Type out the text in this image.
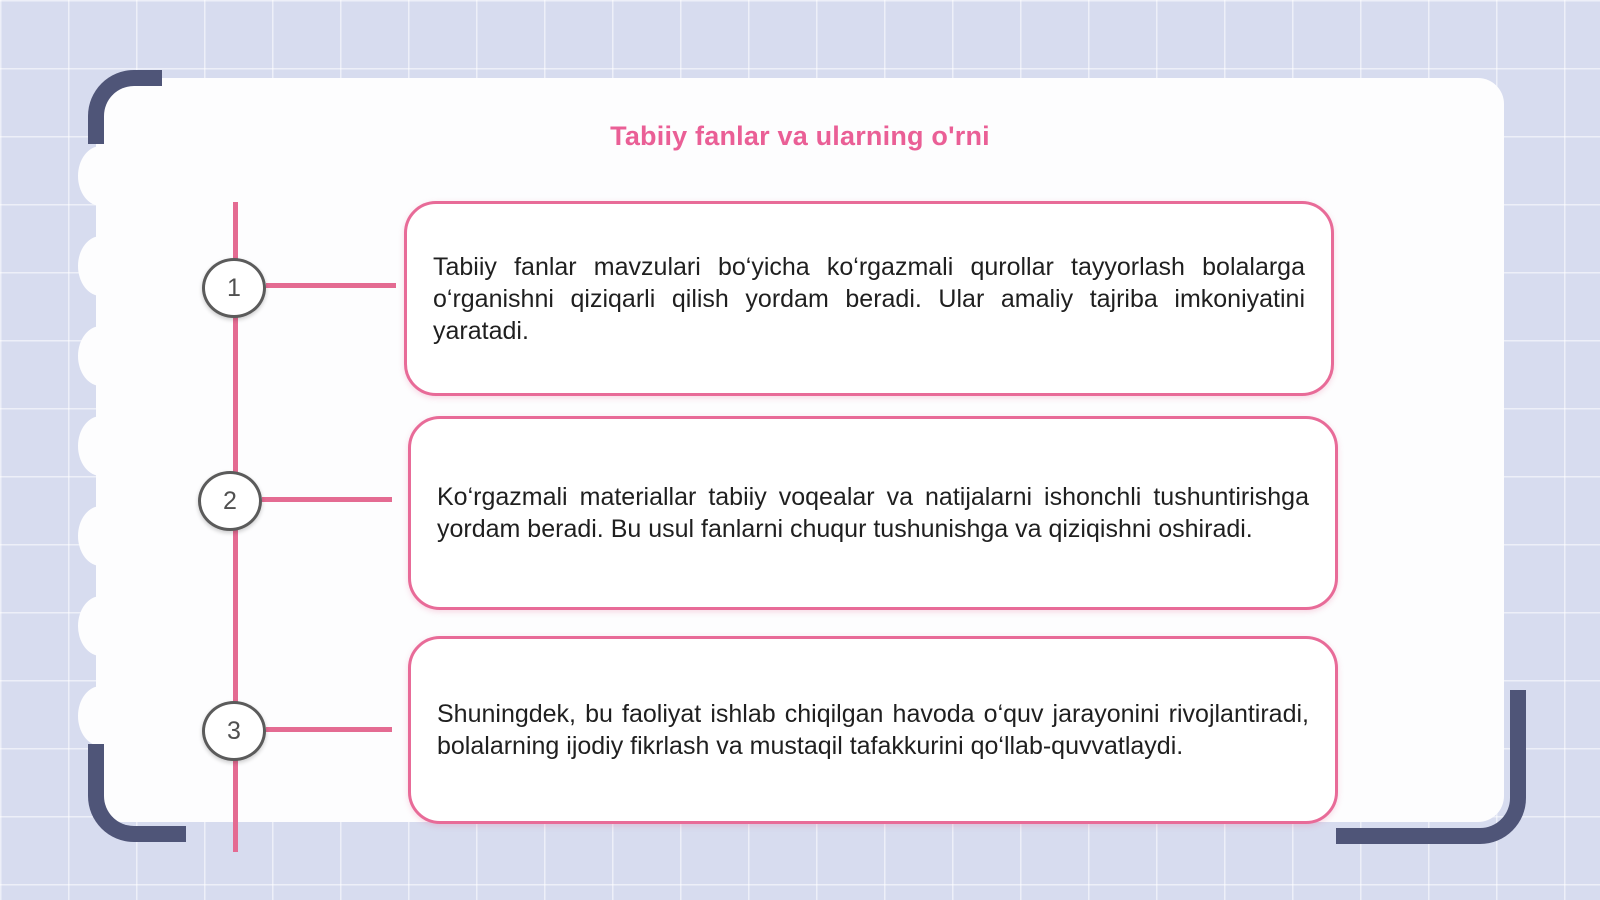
Tabiiy fanlar va ularning o'rni
1
2
3
Tabiiy fanlar mavzulari bo‘yicha ko‘rgazmali qurollar tayyorlash bolalarga o‘rganishni qiziqarli qilish yordam beradi. Ular amaliy tajriba imkoniyatini yaratadi.
Ko‘rgazmali materiallar tabiiy voqealar va natijalarni ishonchli tushuntirishga yordam beradi. Bu usul fanlarni chuqur tushunishga va qiziqishni oshiradi.
Shuningdek, bu faoliyat ishlab chiqilgan havoda o‘quv jarayonini rivojlantiradi, bolalarning ijodiy fikrlash va mustaqil tafakkurini qo‘llab-quvvatlaydi.
